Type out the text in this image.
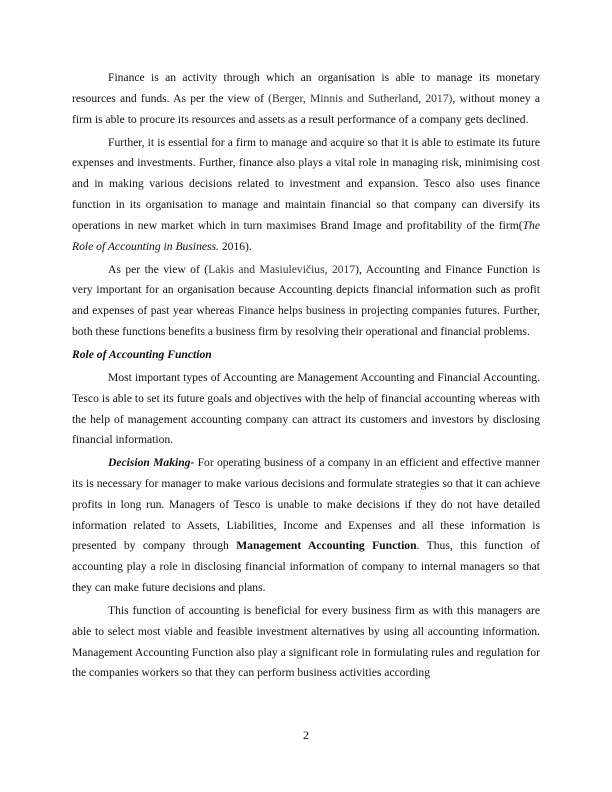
Finance is an activity through which an organisation is able to manage its monetary resources and funds. As per the view of (Berger, Minnis and Sutherland, 2017), without money a firm is able to procure its resources and assets as a result performance of a company gets declined.

Further, it is essential for a firm to manage and acquire so that it is able to estimate its future expenses and investments. Further, finance also plays a vital role in managing risk, minimising cost and in making various decisions related to investment and expansion. Tesco also uses finance function in its organisation to manage and maintain financial so that company can diversify its operations in new market which in turn maximises Brand Image and profitability of the firm(The Role of Accounting in Business. 2016).

As per the view of (Lakis and Masiulevičius, 2017), Accounting and Finance Function is very important for an organisation because Accounting depicts financial information such as profit and expenses of past year whereas Finance helps business in projecting companies futures. Further, both these functions benefits a business firm by resolving their operational and financial problems.

Role of Accounting Function

Most important types of Accounting are Management Accounting and Financial Accounting. Tesco is able to set its future goals and objectives with the help of financial accounting whereas with the help of management accounting company can attract its customers and investors by disclosing financial information.

Decision Making- For operating business of a company in an efficient and effective manner its is necessary for manager to make various decisions and formulate strategies so that it can achieve profits in long run. Managers of Tesco is unable to make decisions if they do not have detailed information related to Assets, Liabilities, Income and Expenses and all these information is presented by company through Management Accounting Function. Thus, this function of accounting play a role in disclosing financial information of company to internal managers so that they can make future decisions and plans.

This function of accounting is beneficial for every business firm as with this managers are able to select most viable and feasible investment alternatives by using all accounting information. Management Accounting Function also play a significant role in formulating rules and regulation for the companies workers so that they can perform business activities according

2
